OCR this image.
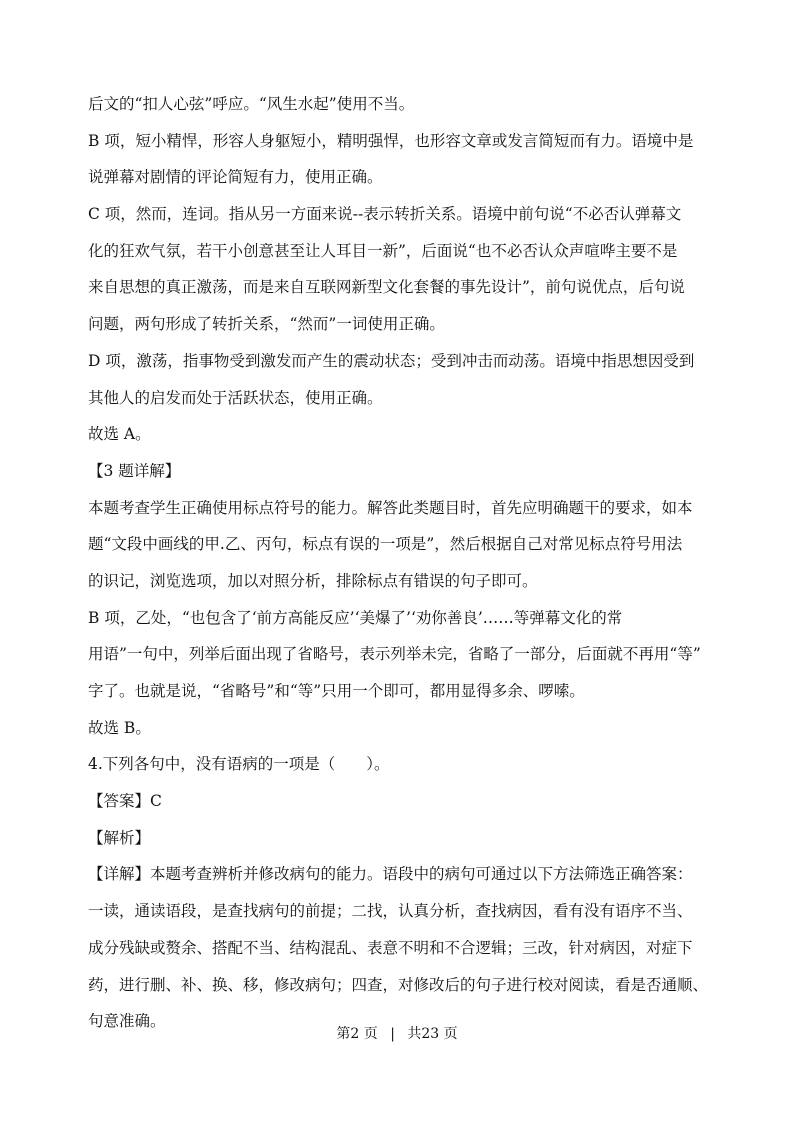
后文的“扣人心弦”呼应。“风生水起”使用不当。
B 项，短小精悍，形容人身躯短小，精明强悍，也形容文章或发言简短而有力。语境中是
说弹幕对剧情的评论简短有力，使用正确。
C 项，然而，连词。指从另一方面来说--表示转折关系。语境中前句说“不必否认弹幕文
化的狂欢气氛，若干小创意甚至让人耳目一新”，后面说“也不必否认众声喧哗主要不是
来自思想的真正激荡，而是来自互联网新型文化套餐的事先设计”，前句说优点，后句说
问题，两句形成了转折关系，“然而”一词使用正确。
D 项，激荡，指事物受到激发而产生的震动状态；受到冲击而动荡。语境中指思想因受到
其他人的启发而处于活跃状态，使用正确。
故选 A。
【3 题详解】
本题考查学生正确使用标点符号的能力。解答此类题目时，首先应明确题干的要求，如本
题“文段中画线的甲.乙、丙句，标点有误的一项是”，然后根据自己对常见标点符号用法
的识记，浏览选项，加以对照分析，排除标点有错误的句子即可。
B 项，乙处，“也包含了‘前方高能反应’‘美爆了’‘劝你善良’……等弹幕文化的常
用语”一句中，列举后面出现了省略号，表示列举未完，省略了一部分，后面就不再用“等”
字了。也就是说，“省略号”和“等”只用一个即可，都用显得多余、啰嗦。
故选 B。
4.下列各句中，没有语病的一项是（　　）。
【答案】C
【解析】
【详解】本题考查辨析并修改病句的能力。语段中的病句可通过以下方法筛选正确答案：
一读，通读语段，是查找病句的前提；二找，认真分析，查找病因，看有没有语序不当、
成分残缺或赘余、搭配不当、结构混乱、表意不明和不合逻辑；三改，针对病因，对症下
药，进行删、补、换、移，修改病句；四查，对修改后的句子进行校对阅读，看是否通顺、
句意准确。
第2 页 | 共23 页
